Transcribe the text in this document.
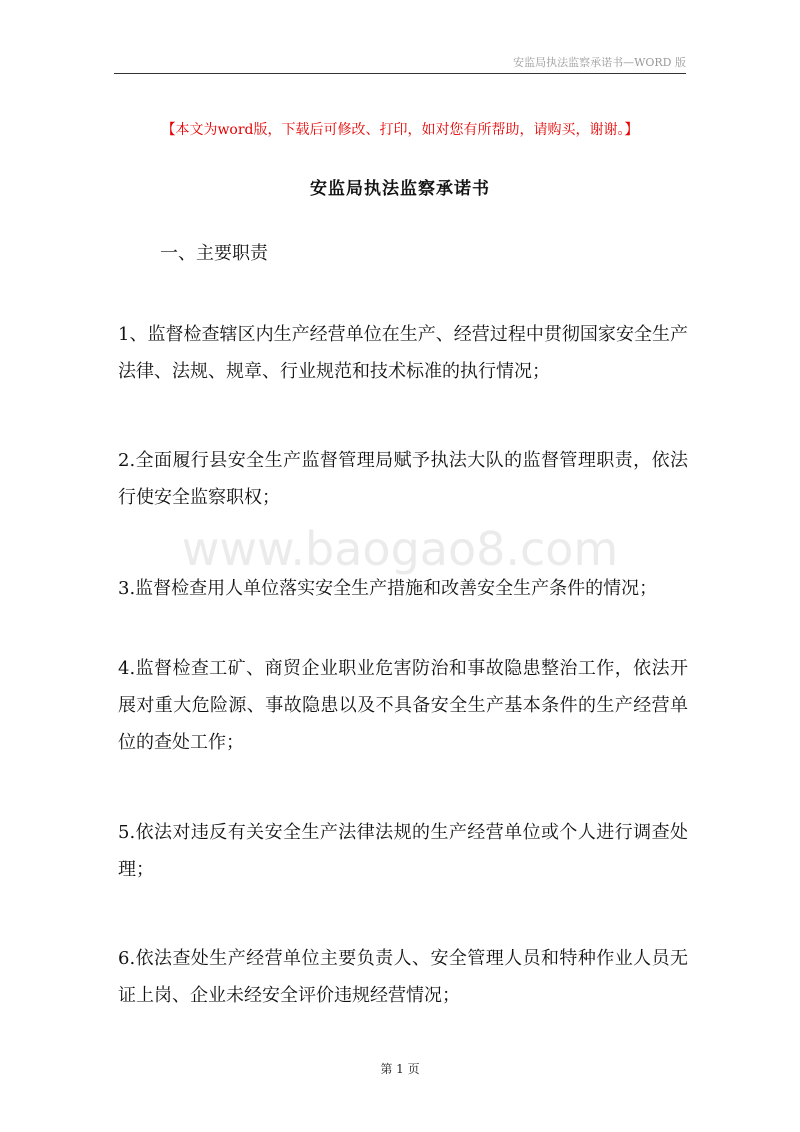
安监局执法监察承诺书—WORD 版
【本文为word版，下载后可修改、打印，如对您有所帮助，请购买，谢谢。】
安监局执法监察承诺书
一、主要职责
www.baogao8.com
1、监督检查辖区内生产经营单位在生产、经营过程中贯彻国家安全生产法律、法规、规章、行业规范和技术标准的执行情况；
2.全面履行县安全生产监督管理局赋予执法大队的监督管理职责，依法行使安全监察职权；
3.监督检查用人单位落实安全生产措施和改善安全生产条件的情况；
4.监督检查工矿、商贸企业职业危害防治和事故隐患整治工作，依法开展对重大危险源、事故隐患以及不具备安全生产基本条件的生产经营单位的查处工作；
5.依法对违反有关安全生产法律法规的生产经营单位或个人进行调查处理；
6.依法查处生产经营单位主要负责人、安全管理人员和特种作业人员无证上岗、企业未经安全评价违规经营情况；
第 1 页
